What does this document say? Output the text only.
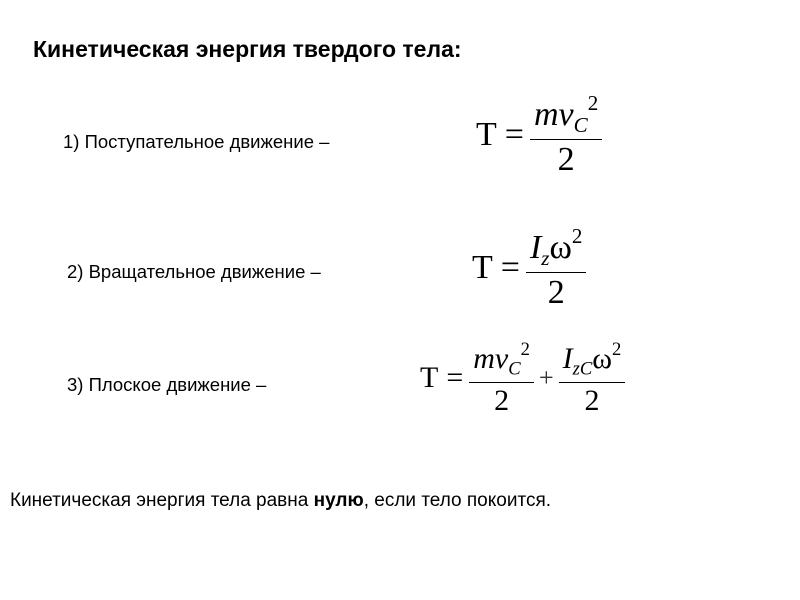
Кинетическая энергия твердого тела:
1) Поступательное движение –	$T = \frac{mv_C^2}{2}$
2) Вращательное движение –	$T = \frac{I_z\omega^2}{2}$
3) Плоское движение –	$T = \frac{mv_C^2}{2} + \frac{I_{zC}\omega^2}{2}$
Кинетическая энергия тела равна нулю, если тело покоится.
